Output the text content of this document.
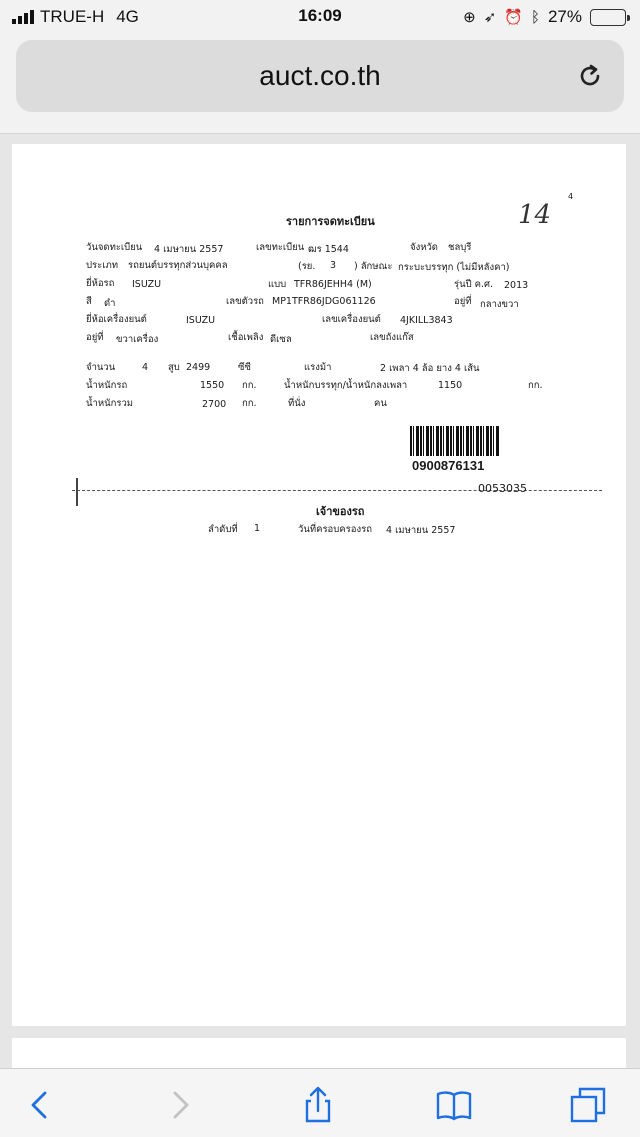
TRUE-H 4G	16:09	⊕ ➶ ⏰ ᛒ 27%
auct.co.th
4
14
รายการจดทะเบียน
วันจดทะเบียน 4 เมษายน 2557	เลขทะเบียน ฒร 1544	จังหวัด ชลบุรี
ประเภท รถยนต์บรรทุกส่วนบุคคล	(รย. 3 ) ลักษณะ กระบะบรรทุก (ไม่มีหลังคา)
ยี่ห้อรถ ISUZU	แบบ TFR86JEHH4 (M)	รุ่นปี ค.ศ. 2013
สี ดำ	เลขตัวรถ MP1TFR86JDG061126	อยู่ที่ กลางขวา
ยี่ห้อเครื่องยนต์	ISUZU	เลขเครื่องยนต์ 4JKILL3843
อยู่ที่ ขวาเครื่อง	เชื้อเพลิง ดีเซล	เลขถังแก๊ส
จำนวน	4 สูบ 2499	ซีซี	แรงม้า	2 เพลา 4 ล้อ ยาง 4 เส้น
น้ำหนักรถ	1550 กก.	น้ำหนักบรรทุก/น้ำหนักลงเพลา	1150	กก.
น้ำหนักรวม	2700 กก.	ที่นั่ง	คน
0900876131
0053035
เจ้าของรถ
ลำดับที่ 1	วันที่ครอบครองรถ 4 เมษายน 2557
